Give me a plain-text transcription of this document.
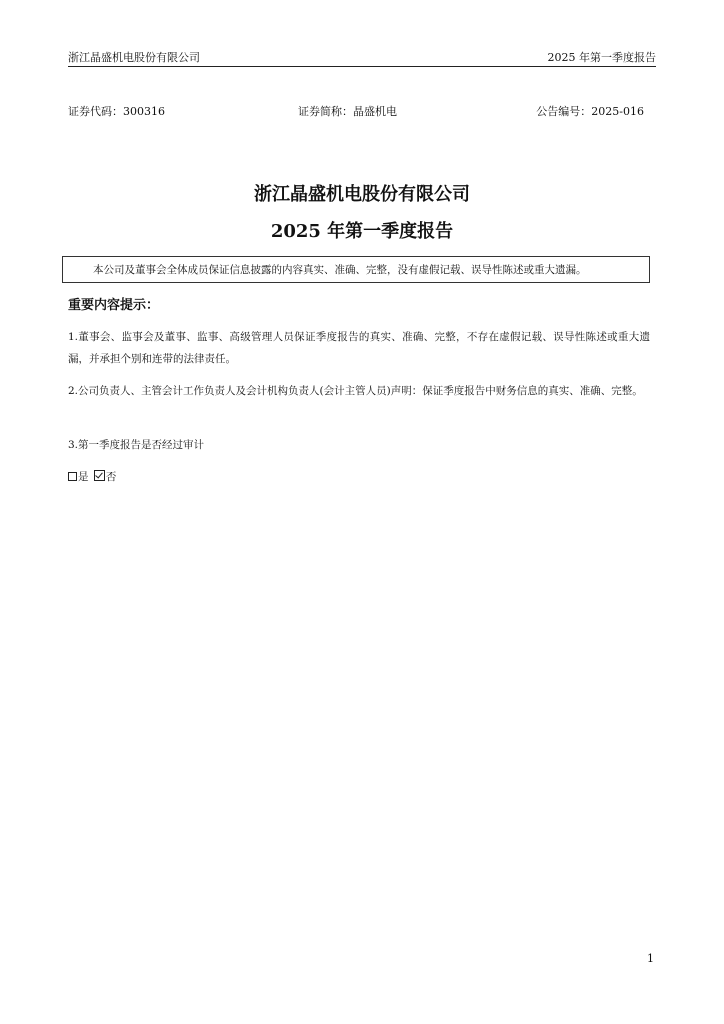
浙江晶盛机电股份有限公司	2025 年第一季度报告
证券代码：300316	证券简称：晶盛机电	公告编号：2025-016
浙江晶盛机电股份有限公司
2025 年第一季度报告
本公司及董事会全体成员保证信息披露的内容真实、准确、完整，没有虚假记载、误导性陈述或重大遗漏。
重要内容提示：
1.董事会、监事会及董事、监事、高级管理人员保证季度报告的真实、准确、完整，不存在虚假记载、误导性陈述或重大遗漏，并承担个别和连带的法律责任。
2.公司负责人、主管会计工作负责人及会计机构负责人(会计主管人员)声明：保证季度报告中财务信息的真实、准确、完整。
3.第一季度报告是否经过审计
是 否
1
